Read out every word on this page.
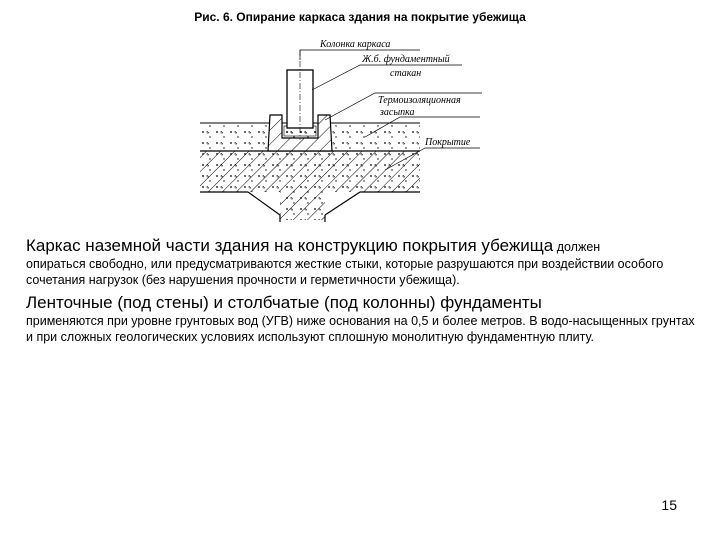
Рис. 6. Опирание каркаса здания на покрытие убежища
Колонка каркаса
Ж.б. фундаментный
стакан
Термоизоляционная
засыпка
Покрытие
Каркас наземной части здания на конструкцию покрытия убежища должен
опираться свободно, или предусматриваются жесткие стыки, которые разрушаются при воздействии особого сочетания нагрузок (без нарушения прочности и герметичности убежища).
Ленточные (под стены) и столбчатые (под колонны) фундаменты
применяются при уровне грунтовых вод (УГВ) ниже основания на 0,5 и более метров. В водо-насыщенных грунтах и при сложных геологических условиях используют сплошную монолитную фундаментную плиту.
15
